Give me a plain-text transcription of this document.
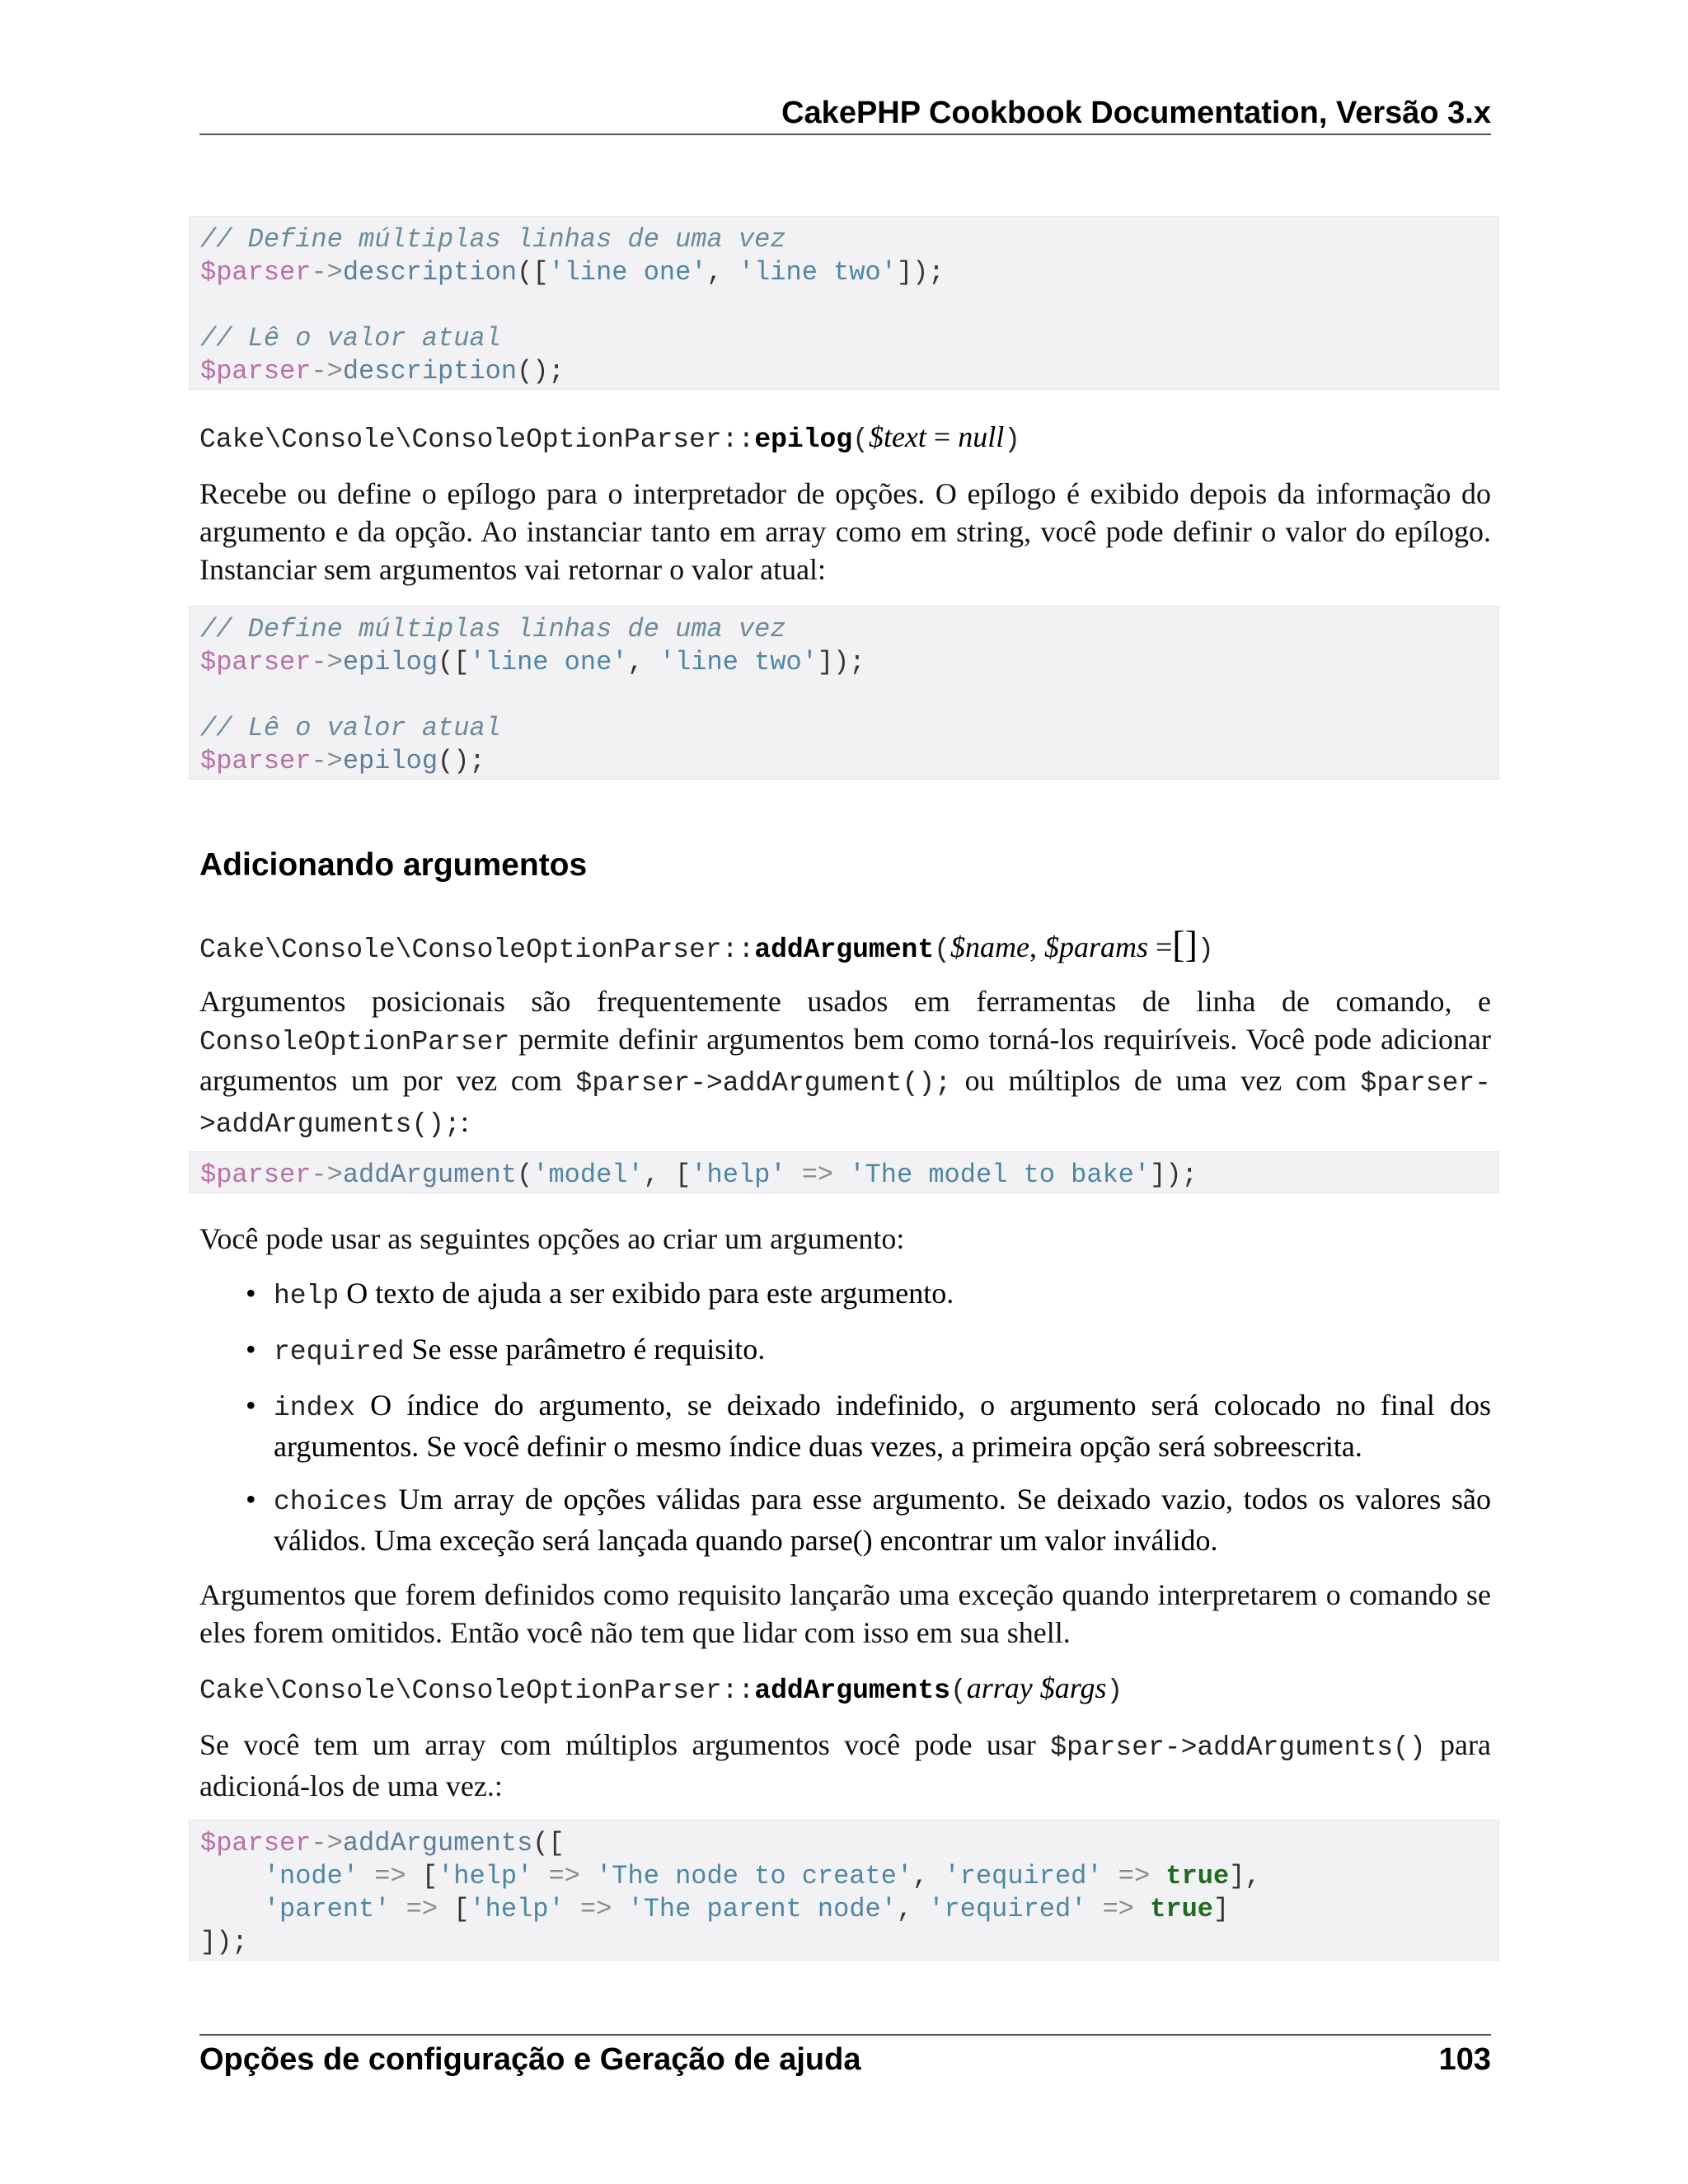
CakePHP Cookbook Documentation, Versão 3.x
// Define múltiplas linhas de uma vez
$parser->description(['line one', 'line two']);

// Lê o valor atual
$parser->description();
Cake\Console\ConsoleOptionParser::epilog($text = null)
Recebe ou define o epílogo para o interpretador de opções. O epílogo é exibido depois da informação do argumento e da opção. Ao instanciar tanto em array como em string, você pode definir o valor do epílogo. Instanciar sem argumentos vai retornar o valor atual:
// Define múltiplas linhas de uma vez
$parser->epilog(['line one', 'line two']);

// Lê o valor atual
$parser->epilog();
Adicionando argumentos
Cake\Console\ConsoleOptionParser::addArgument($name, $params =[])
Argumentos posicionais são frequentemente usados em ferramentas de linha de comando, e ConsoleOptionParser permite definir argumentos bem como torná-los requiríveis. Você pode adicionar argumentos um por vez com $parser->addArgument(); ou múltiplos de uma vez com $parser->addArguments();:
$parser->addArgument('model', ['help' => 'The model to bake']);
Você pode usar as seguintes opções ao criar um argumento:
• help O texto de ajuda a ser exibido para este argumento.
• required Se esse parâmetro é requisito.
• index O índice do argumento, se deixado indefinido, o argumento será colocado no final dos argumentos. Se você definir o mesmo índice duas vezes, a primeira opção será sobreescrita.
• choices Um array de opções válidas para esse argumento. Se deixado vazio, todos os valores são válidos. Uma exceção será lançada quando parse() encontrar um valor inválido.
Argumentos que forem definidos como requisito lançarão uma exceção quando interpretarem o comando se eles forem omitidos. Então você não tem que lidar com isso em sua shell.
Cake\Console\ConsoleOptionParser::addArguments(array $args)
Se você tem um array com múltiplos argumentos você pode usar $parser->addArguments() para adicioná-los de uma vez.:
$parser->addArguments([
'node' => ['help' => 'The node to create', 'required' => true],
'parent' => ['help' => 'The parent node', 'required' => true]
]);
Opções de configuração e Geração de ajuda	103
